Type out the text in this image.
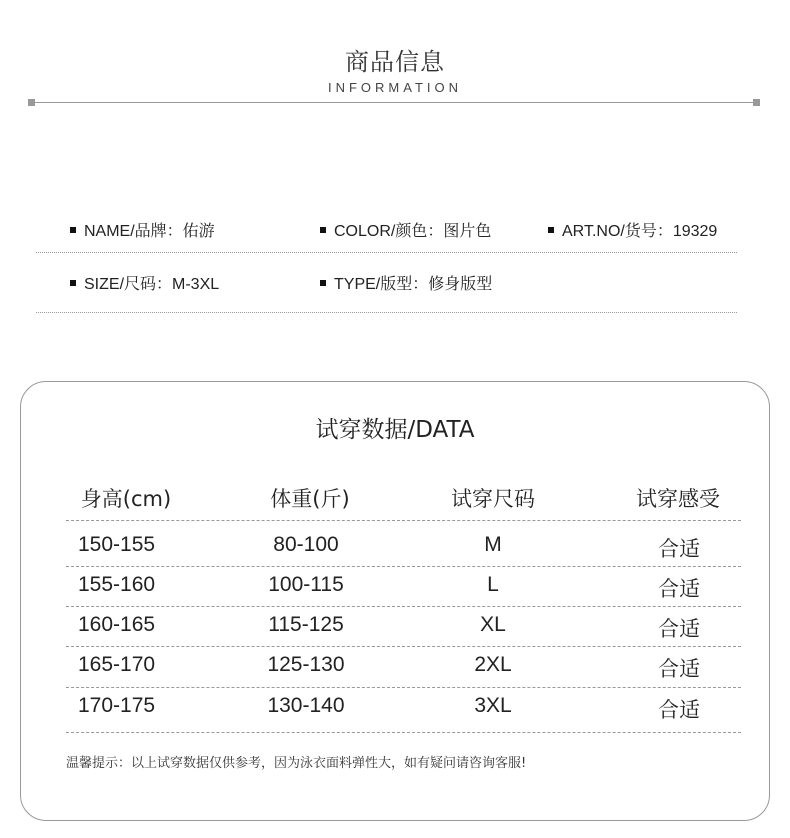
商品信息
INFORMATION
NAME/品牌：佑游	COLOR/颜色：图片色	ART.NO/货号：19329
SIZE/尺码：M-3XL	TYPE/版型：修身版型
试穿数据/DATA
身高(cm)	体重(斤)	试穿尺码	试穿感受
150-155	80-100	M	合适
155-160	100-115	L	合适
160-165	115-125	XL	合适
165-170	125-130	2XL	合适
170-175	130-140	3XL	合适
温馨提示：以上试穿数据仅供参考，因为泳衣面料弹性大，如有疑问请咨询客服!
